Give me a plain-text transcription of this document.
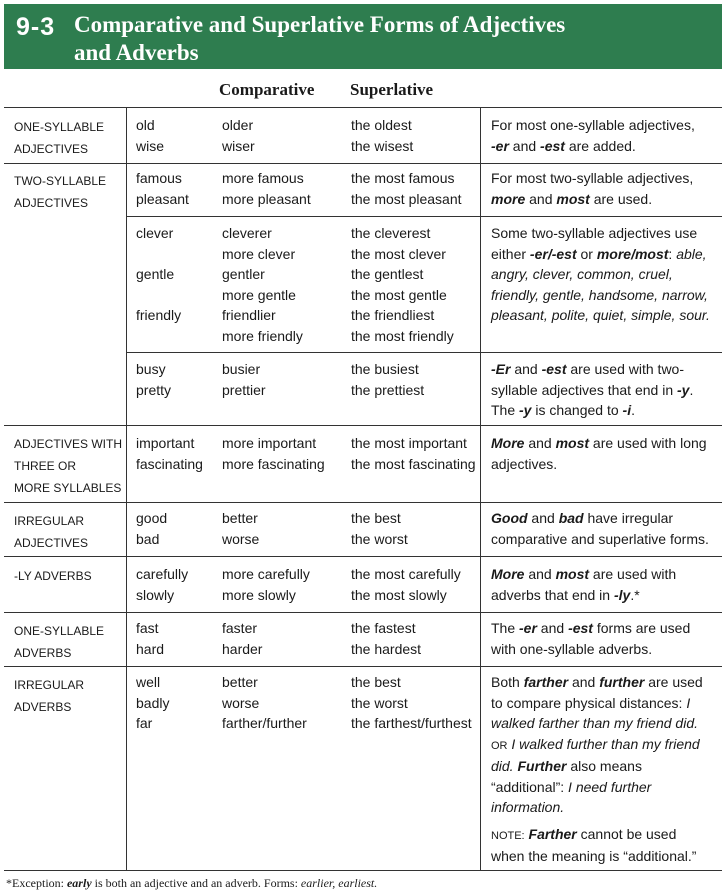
9-3 Comparative and Superlative Forms of Adjectives
and Adverbs
Comparative Superlative
ONE-SYLLABLE
ADJECTIVES
TWO-SYLLABLE
ADJECTIVES
ADJECTIVES WITH
THREE OR
MORE SYLLABLES
IRREGULAR
ADJECTIVES
-LY ADVERBS
ONE-SYLLABLE
ADVERBS
IRREGULAR
ADVERBS
old
wise
older
wiser
the oldest
the wisest
For most one-syllable adjectives,
-er and -est are added.
famous
pleasant
more famous
more pleasant
the most famous
the most pleasant
For most two-syllable adjectives,
more and most are used.
clever

gentle

friendly

cleverer
more clever
gentler
more gentle
friendlier
more friendly
the cleverest
the most clever
the gentlest
the most gentle
the friendliest
the most friendly
Some two-syllable adjectives use
either -er/-est or more/most: able,
angry, clever, common, cruel,
friendly, gentle, handsome, narrow,
pleasant, polite, quiet, simple, sour.
busy
pretty
busier
prettier
the busiest
the prettiest
-Er and -est are used with two-
syllable adjectives that end in -y.
The -y is changed to -i.
important
fascinating
more important
more fascinating
the most important
the most fascinating
More and most are used with long
adjectives.
good
bad
better
worse
the best
the worst
Good and bad have irregular
comparative and superlative forms.
carefully
slowly
more carefully
more slowly
the most carefully
the most slowly
More and most are used with
adverbs that end in -ly.*
fast
hard
faster
harder
the fastest
the hardest
The -er and -est forms are used
with one-syllable adverbs.
well
badly
far
better
worse
farther/further
the best
the worst
the farthest/furthest
Both farther and further are used
to compare physical distances: I
walked farther than my friend did.
OR I walked further than my friend
did. Further also means
“additional”: I need further
information.
NOTE: Farther cannot be used
when the meaning is “additional.”
*Exception: early is both an adjective and an adverb. Forms: earlier, earliest.
